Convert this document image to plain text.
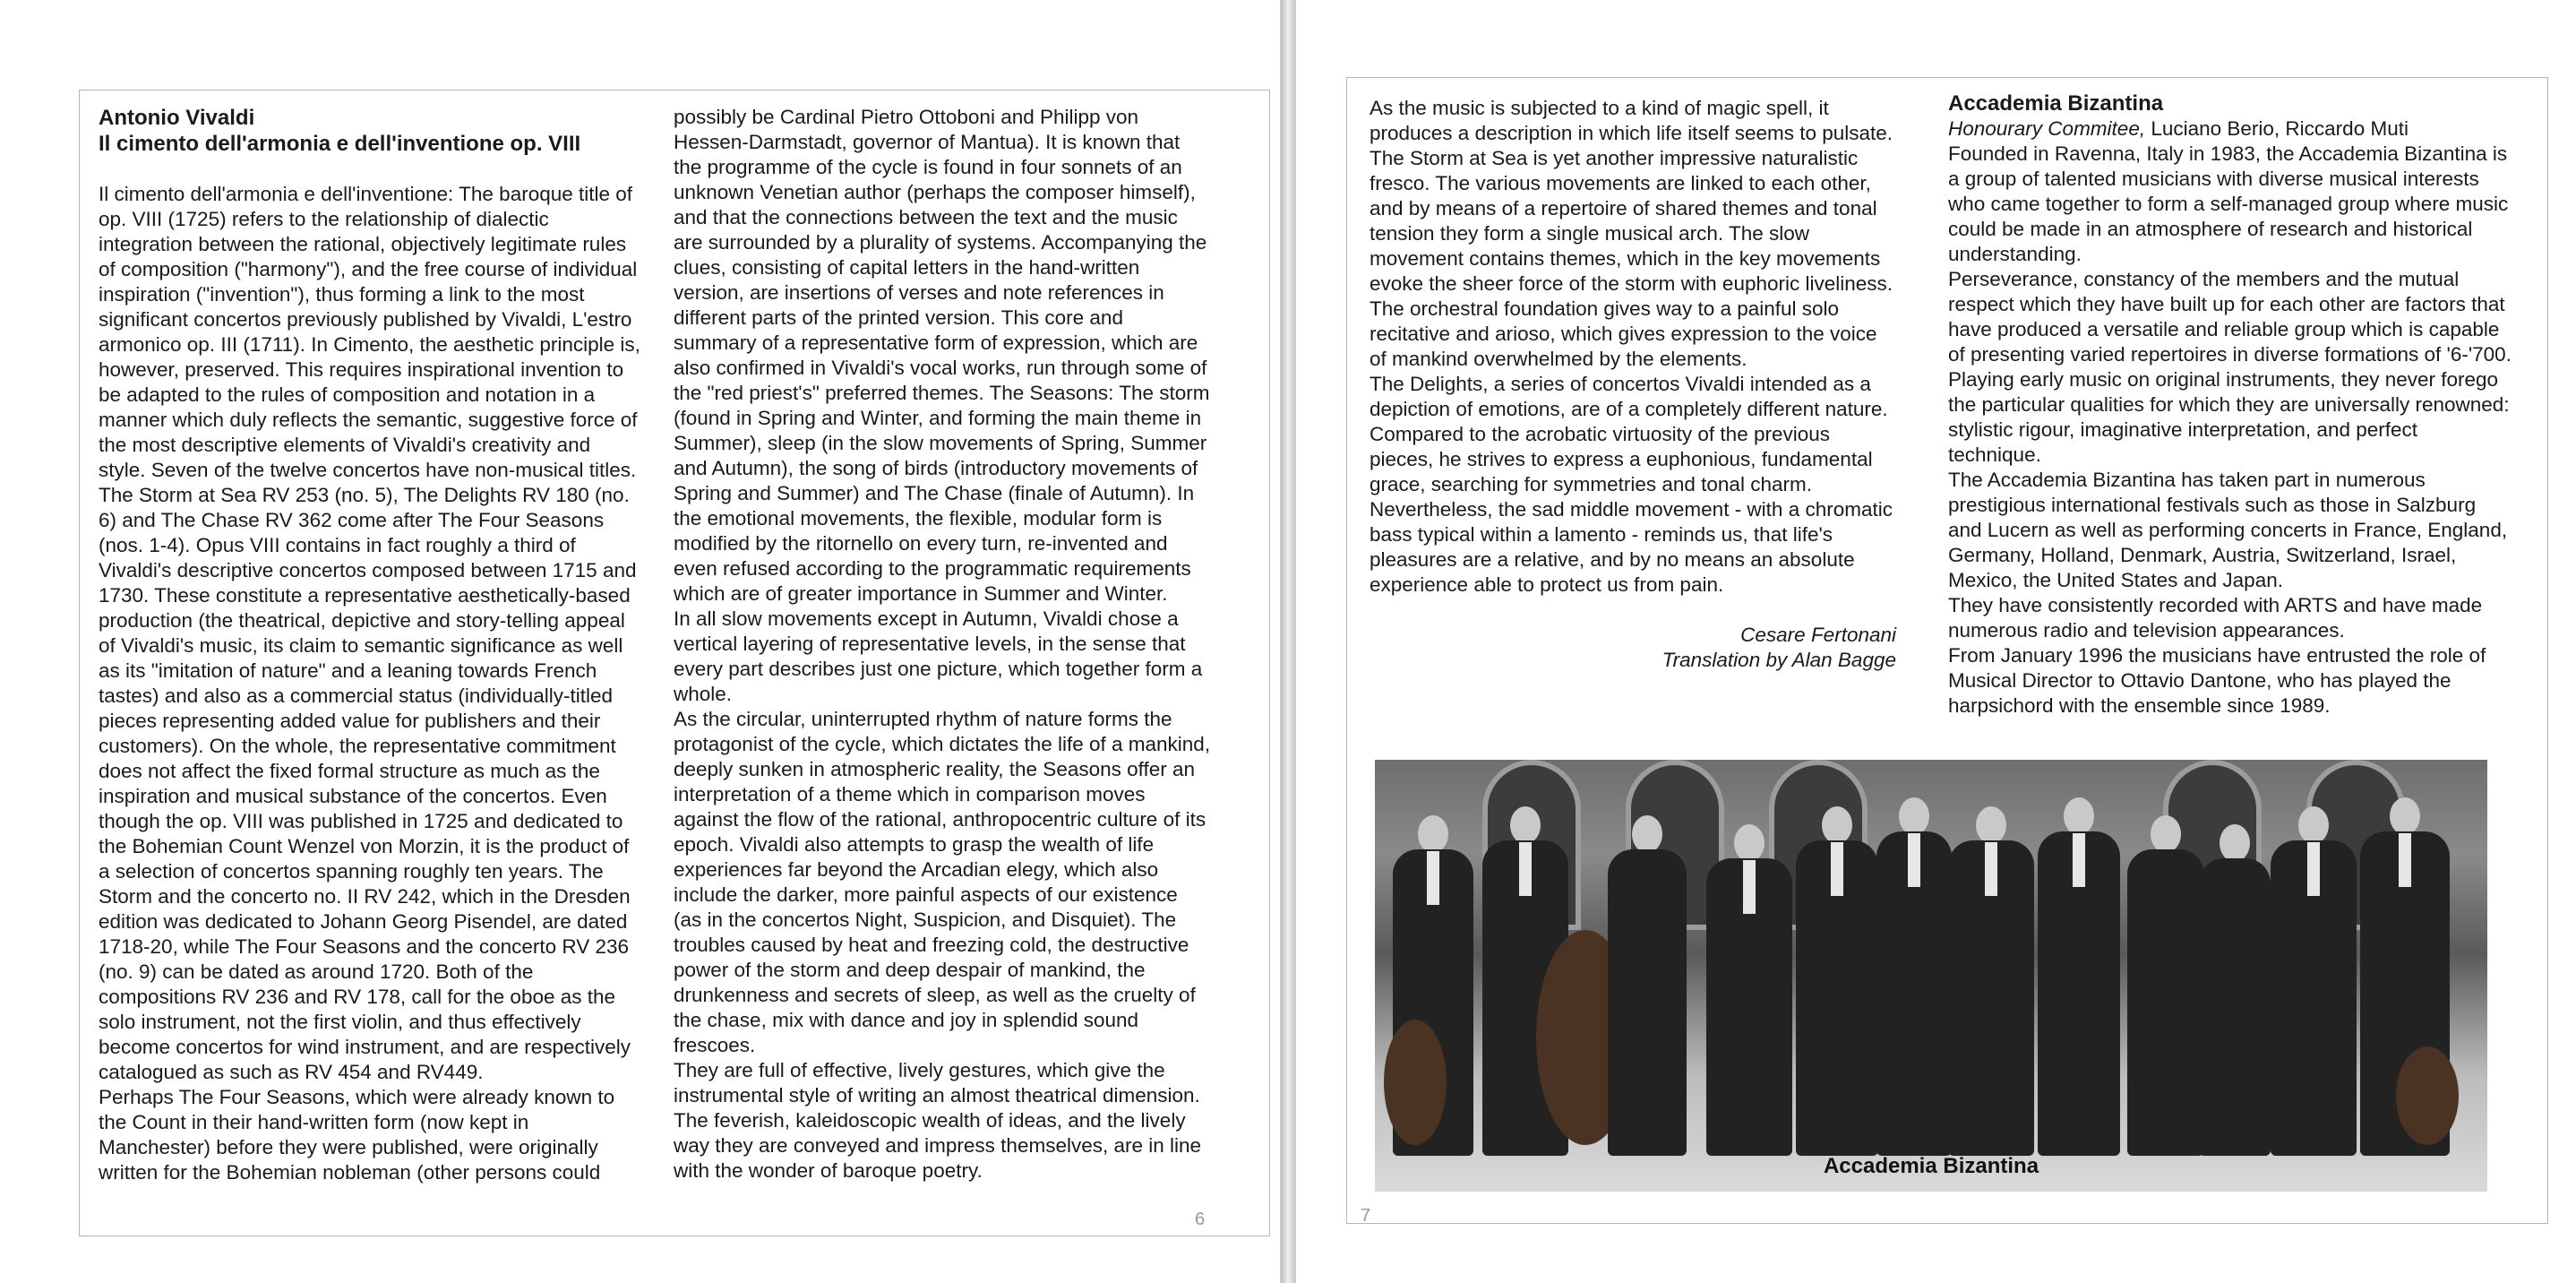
Antonio Vivaldi
Il cimento dell'armonia e dell'inventione op. VIII

Il cimento dell'armonia e dell'inventione: The baroque title of op. VIII (1725) refers to the relationship of dialectic integration between the rational, objectively legitimate rules of composition ("harmony"), and the free course of individual inspiration ("invention"), thus forming a link to the most significant concertos previously published by Vivaldi, L'estro armonico op. III (1711). In Cimento, the aesthetic principle is, however, preserved. This requires inspirational invention to be adapted to the rules of composition and notation in a manner which duly reflects the semantic, suggestive force of the most descriptive elements of Vivaldi's creativity and style. Seven of the twelve concertos have non-musical titles. The Storm at Sea RV 253 (no. 5), The Delights RV 180 (no. 6) and The Chase RV 362 come after The Four Seasons (nos. 1-4). Opus VIII contains in fact roughly a third of Vivaldi's descriptive concertos composed between 1715 and 1730. These constitute a representative aesthetically-based production (the theatrical, depictive and story-telling appeal of Vivaldi's music, its claim to semantic significance as well as its "imitation of nature" and a leaning towards French tastes) and also as a commercial status (individually-titled pieces representing added value for publishers and their customers). On the whole, the representative commitment does not affect the fixed formal structure as much as the inspiration and musical substance of the concertos. Even though the op. VIII was published in 1725 and dedicated to the Bohemian Count Wenzel von Morzin, it is the product of a selection of concertos spanning roughly ten years. The Storm and the concerto no. II RV 242, which in the Dresden edition was dedicated to Johann Georg Pisendel, are dated 1718-20, while The Four Seasons and the concerto RV 236 (no. 9) can be dated as around 1720. Both of the compositions RV 236 and RV 178, call for the oboe as the solo instrument, not the first violin, and thus effectively become concertos for wind instrument, and are respectively catalogued as such as RV 454 and RV449.

Perhaps The Four Seasons, which were already known to the Count in their hand-written form (now kept in Manchester) before they were published, were originally written for the Bohemian nobleman (other persons could

possibly be Cardinal Pietro Ottoboni and Philipp von Hessen-Darmstadt, governor of Mantua). It is known that the programme of the cycle is found in four sonnets of an unknown Venetian author (perhaps the composer himself), and that the connections between the text and the music are surrounded by a plurality of systems. Accompanying the clues, consisting of capital letters in the hand-written version, are insertions of verses and note references in different parts of the printed version. This core and summary of a representative form of expression, which are also confirmed in Vivaldi's vocal works, run through some of the "red priest's" preferred themes. The Seasons: The storm (found in Spring and Winter, and forming the main theme in Summer), sleep (in the slow movements of Spring, Summer and Autumn), the song of birds (introductory movements of Spring and Summer) and The Chase (finale of Autumn). In the emotional movements, the flexible, modular form is modified by the ritornello on every turn, re-invented and even refused according to the programmatic requirements which are of greater importance in Summer and Winter.

In all slow movements except in Autumn, Vivaldi chose a vertical layering of representative levels, in the sense that every part describes just one picture, which together form a whole.

As the circular, uninterrupted rhythm of nature forms the protagonist of the cycle, which dictates the life of a mankind, deeply sunken in atmospheric reality, the Seasons offer an interpretation of a theme which in comparison moves against the flow of the rational, anthropocentric culture of its epoch. Vivaldi also attempts to grasp the wealth of life experiences far beyond the Arcadian elegy, which also include the darker, more painful aspects of our existence (as in the concertos Night, Suspicion, and Disquiet). The troubles caused by heat and freezing cold, the destructive power of the storm and deep despair of mankind, the drunkenness and secrets of sleep, as well as the cruelty of the chase, mix with dance and joy in splendid sound frescoes.

They are full of effective, lively gestures, which give the instrumental style of writing an almost theatrical dimension. The feverish, kaleidoscopic wealth of ideas, and the lively way they are conveyed and impress themselves, are in line with the wonder of baroque poetry.

6

As the music is subjected to a kind of magic spell, it produces a description in which life itself seems to pulsate. The Storm at Sea is yet another impressive naturalistic fresco. The various movements are linked to each other, and by means of a repertoire of shared themes and tonal tension they form a single musical arch. The slow movement contains themes, which in the key movements evoke the sheer force of the storm with euphoric liveliness. The orchestral foundation gives way to a painful solo recitative and arioso, which gives expression to the voice of mankind overwhelmed by the elements.

The Delights, a series of concertos Vivaldi intended as a depiction of emotions, are of a completely different nature. Compared to the acrobatic virtuosity of the previous pieces, he strives to express a euphonious, fundamental grace, searching for symmetries and tonal charm. Nevertheless, the sad middle movement - with a chromatic bass typical within a lamento - reminds us, that life's pleasures are a relative, and by no means an absolute experience able to protect us from pain.

Cesare Fertonani
Translation by Alan Bagge
Accademia Bizantina

Honourary Commitee, Luciano Berio, Riccardo Muti

Founded in Ravenna, Italy in 1983, the Accademia Bizantina is a group of talented musicians with diverse musical interests who came together to form a self-managed group where music could be made in an atmosphere of research and historical understanding.

Perseverance, constancy of the members and the mutual respect which they have built up for each other are factors that have produced a versatile and reliable group which is capable of presenting varied repertoires in diverse formations of '6-'700. Playing early music on original instruments, they never forego the particular qualities for which they are universally renowned: stylistic rigour, imaginative interpretation, and perfect technique.

The Accademia Bizantina has taken part in numerous prestigious international festivals such as those in Salzburg and Lucern as well as performing concerts in France, England, Germany, Holland, Denmark, Austria, Switzerland, Israel, Mexico, the United States and Japan.

They have consistently recorded with ARTS and have made numerous radio and television appearances.

From January 1996 the musicians have entrusted the role of Musical Director to Ottavio Dantone, who has played the harpsichord with the ensemble since 1989.

Accademia Bizantina
7
